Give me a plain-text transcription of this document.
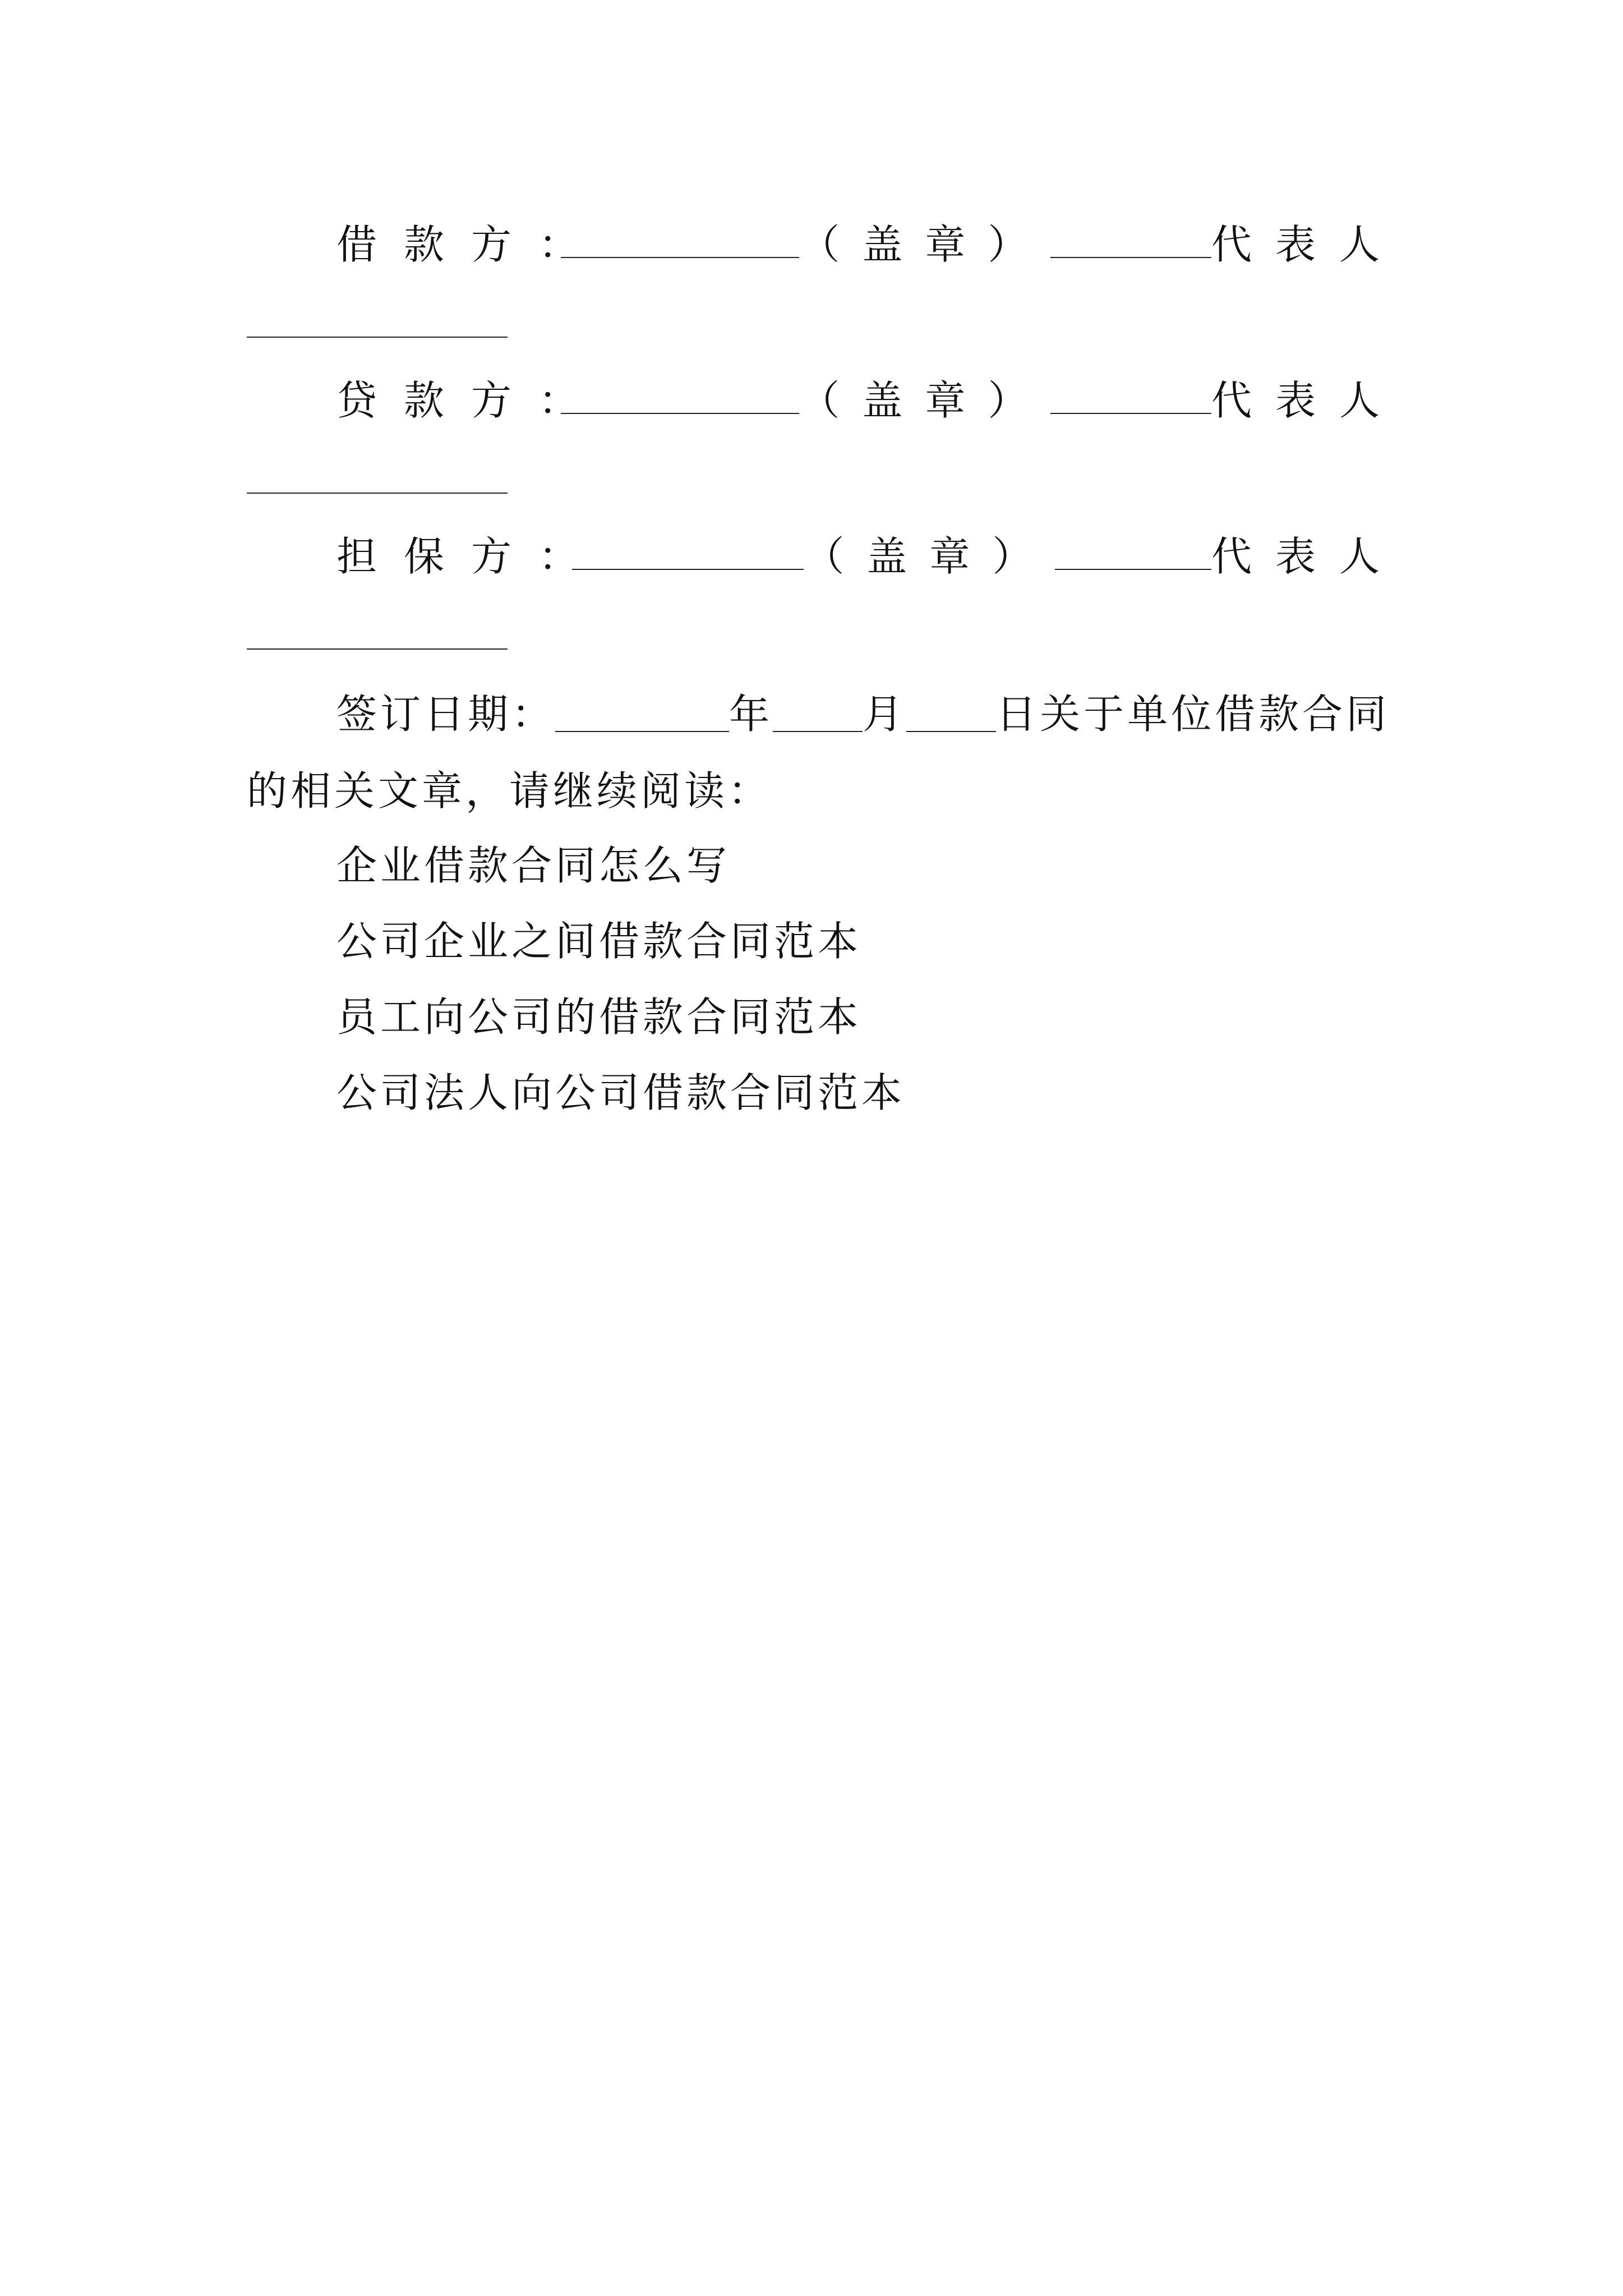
借款方：	（盖章）	代表人
贷款方：	（盖章）	代表人
担保方：	（盖章）	代表人
签订日期：	年 月 日 关于单位借款合同
的相关文章，请继续阅读：
企业借款合同怎么写
公司企业之间借款合同范本
员工向公司的借款合同范本
公司法人向公司借款合同范本
